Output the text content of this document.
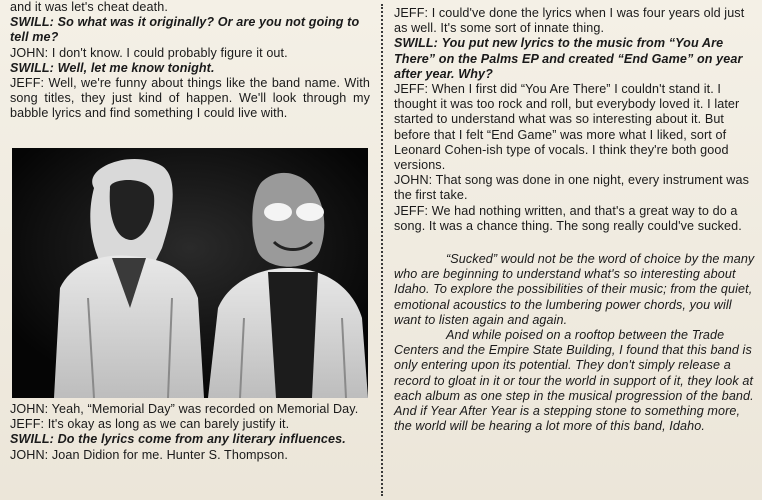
and it was let's cheat death.

SWILL: So what was it originally? Or are you not going to tell me?

JOHN: I don't know. I could probably figure it out.

SWILL: Well, let me know tonight.

JEFF: Well, we're funny about things like the band name. With song titles, they just kind of happen. We'll look through my babble lyrics and find something I could live with.

JOHN: Yeah, “Memorial Day” was recorded on Memorial Day.

JEFF: It's okay as long as we can barely justify it.

SWILL: Do the lyrics come from any literary influences.

JOHN: Joan Didion for me. Hunter S. Thompson.

JEFF: I could've done the lyrics when I was four years old just as well. It's some sort of innate thing.

SWILL: You put new lyrics to the music from “You Are There” on the Palms EP and created “End Game” on year after year. Why?

JEFF: When I first did “You Are There” I couldn't stand it. I thought it was too rock and roll, but everybody loved it. I later started to understand what was so interesting about it. But before that I felt “End Game” was more what I liked, sort of Leonard Cohen-ish type of vocals. I think they're both good versions.

JOHN: That song was done in one night, every instrument was the first take.

JEFF: We had nothing written, and that's a great way to do a song. It was a chance thing. The song really could've sucked.

“Sucked” would not be the word of choice by the many who are beginning to understand what's so interesting about Idaho. To explore the possibilities of their music; from the quiet, emotional acoustics to the lumbering power chords, you will want to listen again and again.

And while poised on a rooftop between the Trade Centers and the Empire State Building, I found that this band is only entering upon its potential. They don't simply release a record to gloat in it or tour the world in support of it, they look at each album as one step in the musical progression of the band. And if Year After Year is a stepping stone to something more, the world will be hearing a lot more of this band, Idaho.
